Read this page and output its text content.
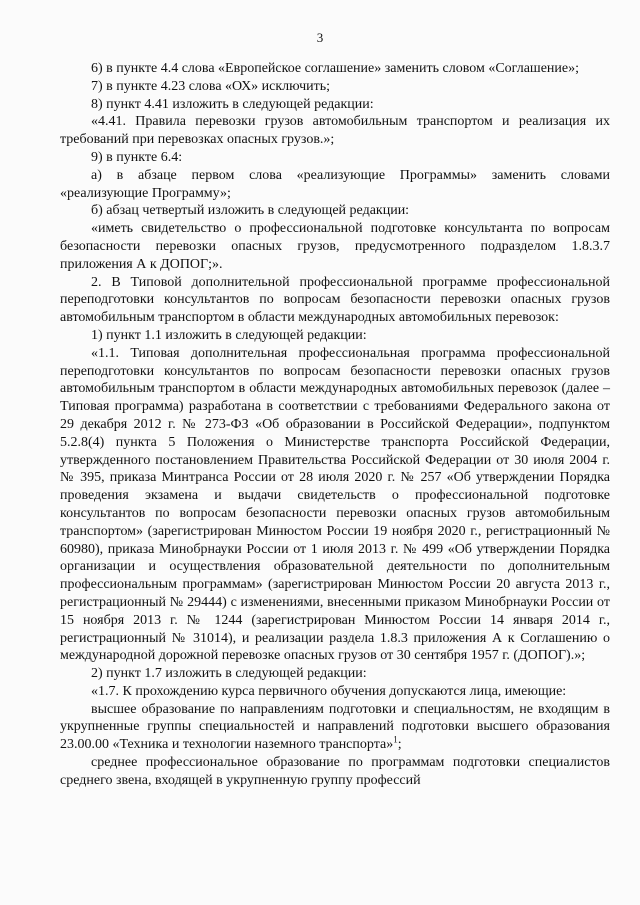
3

6) в пункте 4.4 слова «Европейское соглашение» заменить словом «Соглашение»;

7) в пункте 4.23 слова «ОХ» исключить;

8) пункт 4.41 изложить в следующей редакции:

«4.41. Правила перевозки грузов автомобильным транспортом и реализация их требований при перевозках опасных грузов.»;

9) в пункте 6.4:

а) в абзаце первом слова «реализующие Программы» заменить словами «реализующие Программу»;

б) абзац четвертый изложить в следующей редакции:

«иметь свидетельство о профессиональной подготовке консультанта по вопросам безопасности перевозки опасных грузов, предусмотренного подразделом 1.8.3.7 приложения А к ДОПОГ;».

2. В Типовой дополнительной профессиональной программе профессиональной переподготовки консультантов по вопросам безопасности перевозки опасных грузов автомобильным транспортом в области международных автомобильных перевозок:

1) пункт 1.1 изложить в следующей редакции:

«1.1. Типовая дополнительная профессиональная программа профессиональной переподготовки консультантов по вопросам безопасности перевозки опасных грузов автомобильным транспортом в области международных автомобильных перевозок (далее – Типовая программа) разработана в соответствии с требованиями Федерального закона от 29 декабря 2012 г. № 273-ФЗ «Об образовании в Российской Федерации», подпунктом 5.2.8(4) пункта 5 Положения о Министерстве транспорта Российской Федерации, утвержденного постановлением Правительства Российской Федерации от 30 июля 2004 г. № 395, приказа Минтранса России от 28 июля 2020 г. № 257 «Об утверждении Порядка проведения экзамена и выдачи свидетельств о профессиональной подготовке консультантов по вопросам безопасности перевозки опасных грузов автомобильным транспортом» (зарегистрирован Минюстом России 19 ноября 2020 г., регистрационный № 60980), приказа Минобрнауки России от 1 июля 2013 г. № 499 «Об утверждении Порядка организации и осуществления образовательной деятельности по дополнительным профессиональным программам» (зарегистрирован Минюстом России 20 августа 2013 г., регистрационный № 29444) с изменениями, внесенными приказом Минобрнауки России от 15 ноября 2013 г. № 1244 (зарегистрирован Минюстом России 14 января 2014 г., регистрационный № 31014), и реализации раздела 1.8.3 приложения А к Соглашению о международной дорожной перевозке опасных грузов от 30 сентября 1957 г. (ДОПОГ).»;

2) пункт 1.7 изложить в следующей редакции:

«1.7. К прохождению курса первичного обучения допускаются лица, имеющие:

высшее образование по направлениям подготовки и специальностям, не входящим в укрупненные группы специальностей и направлений подготовки высшего образования 23.00.00 «Техника и технологии наземного транспорта»$^1$;

среднее профессиональное образование по программам подготовки специалистов среднего звена, входящей в укрупненную группу профессий
